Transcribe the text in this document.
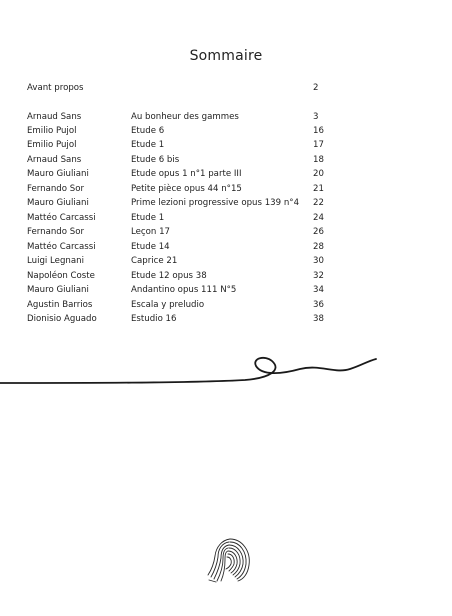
Sommaire
Avant propos	2
Arnaud Sans	Au bonheur des gammes	3
Emilio Pujol	Etude 6	16
Emilio Pujol	Etude 1	17
Arnaud Sans	Etude 6 bis	18
Mauro Giuliani	Etude opus 1 n°1 parte III	20
Fernando Sor	Petite pièce opus 44 n°15	21
Mauro Giuliani	Prime lezioni progressive opus 139 n°4 22
Mattéo Carcassi	Etude 1	24
Fernando Sor	Leçon 17	26
Mattéo Carcassi	Etude 14	28
Luigi Legnani	Caprice 21	30
Napoléon Coste	Etude 12 opus 38	32
Mauro Giuliani	Andantino opus 111 N°5	34
Agustin Barrios	Escala y preludio	36
Dionisio Aguado	Estudio 16	38
